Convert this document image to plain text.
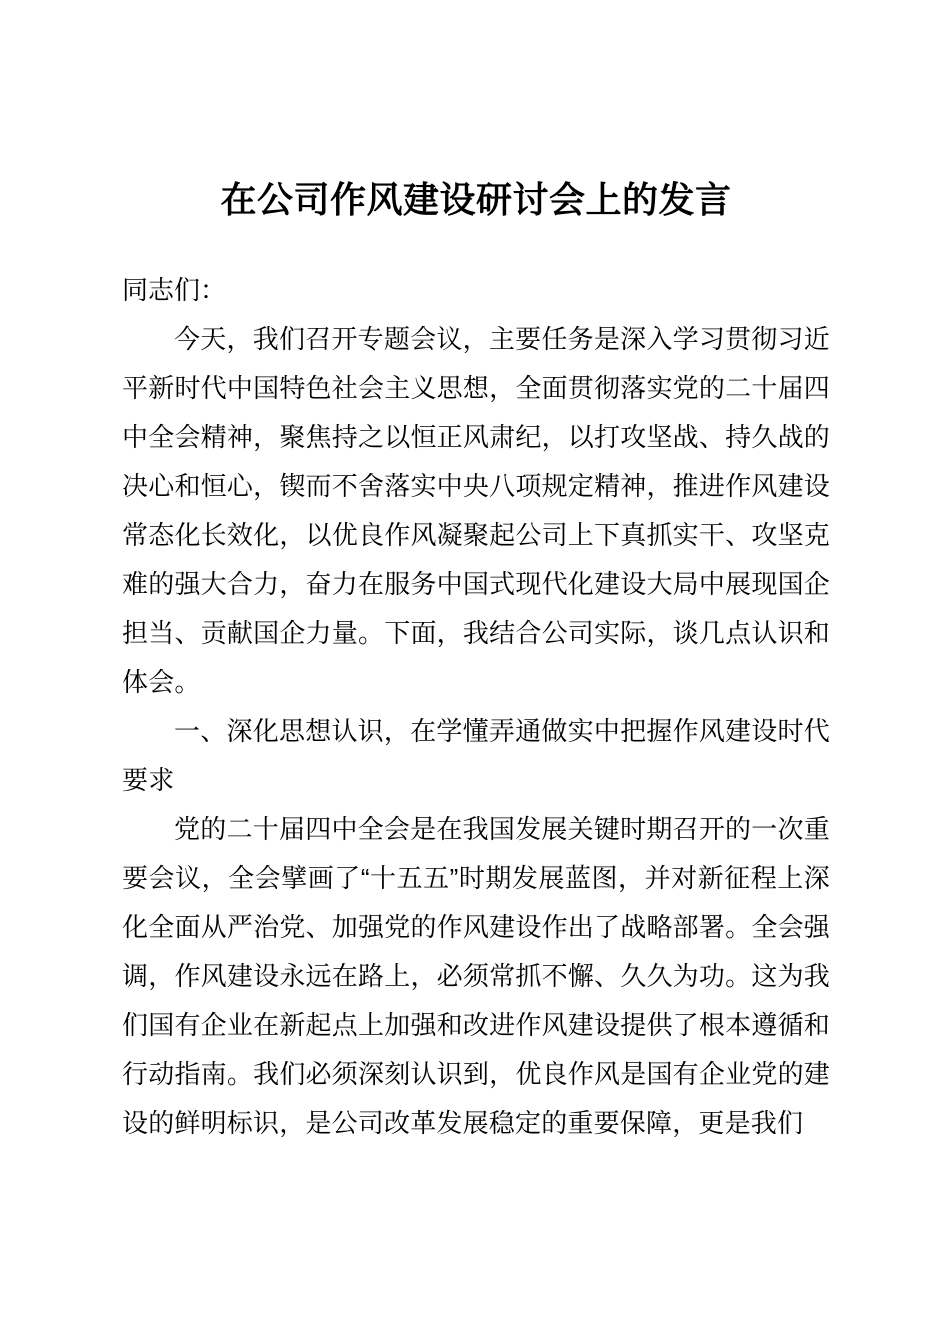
在公司作风建设研讨会上的发言

同志们：

今天，我们召开专题会议，主要任务是深入学习贯彻习近平新时代中国特色社会主义思想，全面贯彻落实党的二十届四中全会精神，聚焦持之以恒正风肃纪，以打攻坚战、持久战的决心和恒心，锲而不舍落实中央八项规定精神，推进作风建设常态化长效化，以优良作风凝聚起公司上下真抓实干、攻坚克难的强大合力，奋力在服务中国式现代化建设大局中展现国企担当、贡献国企力量。下面，我结合公司实际，谈几点认识和体会。

一、深化思想认识，在学懂弄通做实中把握作风建设时代要求

党的二十届四中全会是在我国发展关键时期召开的一次重要会议，全会擘画了“十五五”时期发展蓝图，并对新征程上深化全面从严治党、加强党的作风建设作出了战略部署。全会强调，作风建设永远在路上，必须常抓不懈、久久为功。这为我们国有企业在新起点上加强和改进作风建设提供了根本遵循和行动指南。我们必须深刻认识到，优良作风是国有企业党的建设的鲜明标识，是公司改革发展稳定的重要保障，更是我们
